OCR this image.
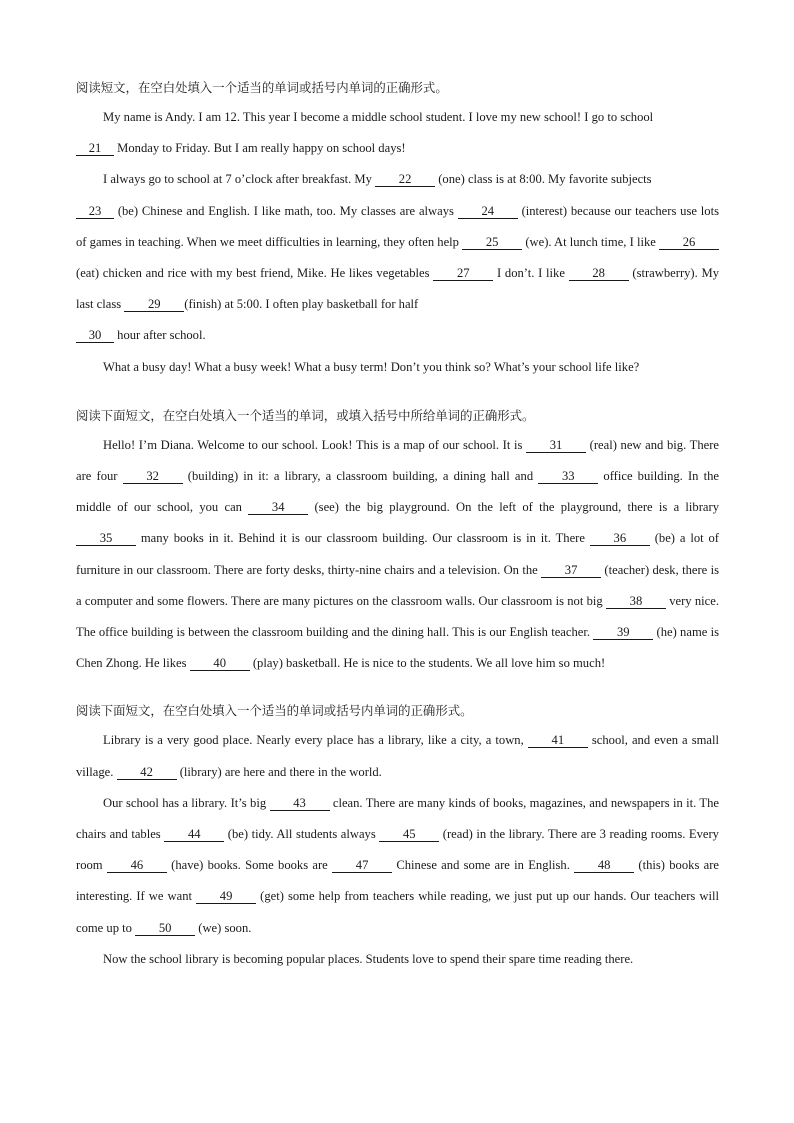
阅读短文，在空白处填入一个适当的单词或括号内单词的正确形式。

My name is Andy. I am 12. This year I become a middle school student. I love my new school! I go to school
21 Monday to Friday. But I am really happy on school days!

I always go to school at 7 o’clock after breakfast. My 22 (one) class is at 8:00. My favorite subjects
23 (be) Chinese and English. I like math, too. My classes are always 24 (interest) because our teachers use lots of games in teaching. When we meet difficulties in learning, they often help 25 (we). At lunch time, I like 26 (eat) chicken and rice with my best friend, Mike. He likes vegetables 27 I don’t. I like 28 (strawberry). My last class 29 (finish) at 5:00. I often play basketball for half
30 hour after school.

What a busy day! What a busy week! What a busy term! Don’t you think so? What’s your school life like?

阅读下面短文，在空白处填入一个适当的单词，或填入括号中所给单词的正确形式。

Hello! I’m Diana. Welcome to our school. Look! This is a map of our school. It is 31 (real) new and big. There are four 32 (building) in it: a library, a classroom building, a dining hall and 33 office building. In the middle of our school, you can 34 (see) the big playground. On the left of the playground, there is a library 35 many books in it. Behind it is our classroom building. Our classroom is in it. There 36 (be) a lot of furniture in our classroom. There are forty desks, thirty-nine chairs and a television. On the 37 (teacher) desk, there is a computer and some flowers. There are many pictures on the classroom walls. Our classroom is not big 38 very nice. The office building is between the classroom building and the dining hall. This is our English teacher. 39 (he) name is Chen Zhong. He likes 40 (play) basketball. He is nice to the students. We all love him so much!

阅读下面短文，在空白处填入一个适当的单词或括号内单词的正确形式。

Library is a very good place. Nearly every place has a library, like a city, a town, 41 school, and even a small village. 42 (library) are here and there in the world.

Our school has a library. It’s big 43 clean. There are many kinds of books, magazines, and newspapers in it. The chairs and tables 44 (be) tidy. All students always 45 (read) in the library. There are 3 reading rooms. Every room 46 (have) books. Some books are 47 Chinese and some are in English. 48 (this) books are interesting. If we want 49 (get) some help from teachers while reading, we just put up our hands. Our teachers will come up to 50 (we) soon.

Now the school library is becoming popular places. Students love to spend their spare time reading there.
